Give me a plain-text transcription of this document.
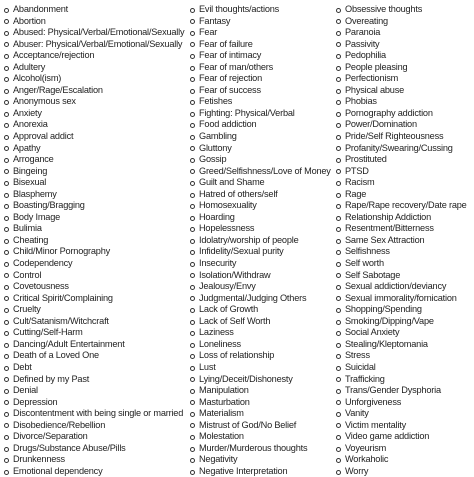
Abandonment
Abortion
Abused: Physical/Verbal/Emotional/Sexually
Abuser: Physical/Verbal/Emotional/Sexually
Acceptance/rejection
Adultery
Alcohol(ism)
Anger/Rage/Escalation
Anonymous sex
Anxiety
Anorexia
Approval addict
Apathy
Arrogance
Bingeing
Bisexual
Blasphemy
Boasting/Bragging
Body Image
Bulimia
Cheating
Child/Minor Pornography
Codependency
Control
Covetousness
Critical Spirit/Complaining
Cruelty
Cult/Satanism/Witchcraft
Cutting/Self-Harm
Dancing/Adult Entertainment
Death of a Loved One
Debt
Defined by my Past
Denial
Depression
Discontentment with being single or married
Disobedience/Rebellion
Divorce/Separation
Drugs/Substance Abuse/Pills
Drunkenness
Emotional dependency
Evil thoughts/actions
Fantasy
Fear
Fear of failure
Fear of intimacy
Fear of man/others
Fear of rejection
Fear of success
Fetishes
Fighting: Physical/Verbal
Food addiction
Gambling
Gluttony
Gossip
Greed/Selfishness/Love of Money
Guilt and Shame
Hatred of others/self
Homosexuality
Hoarding
Hopelessness
Idolatry/worship of people
Infidelity/Sexual purity
Insecurity
Isolation/Withdraw
Jealousy/Envy
Judgmental/Judging Others
Lack of Growth
Lack of Self Worth
Laziness
Loneliness
Loss of relationship
Lust
Lying/Deceit/Dishonesty
Manipulation
Masturbation
Materialism
Mistrust of God/No Belief
Molestation
Murder/Murderous thoughts
Negativity
Negative Interpretation
Obsessive thoughts
Overeating
Paranoia
Passivity
Pedophilia
People pleasing
Perfectionism
Physical abuse
Phobias
Pornography addiction
Power/Domination
Pride/Self Righteousness
Profanity/Swearing/Cussing
Prostituted
PTSD
Racism
Rage
Rape/Rape recovery/Date rape
Relationship Addiction
Resentment/Bitterness
Same Sex Attraction
Selfishness
Self worth
Self Sabotage
Sexual addiction/deviancy
Sexual immorality/fornication
Shopping/Spending
Smoking/Dipping/Vape
Social Anxiety
Stealing/Kleptomania
Stress
Suicidal
Trafficking
Trans/Gender Dysphoria
Unforgiveness
Vanity
Victim mentality
Video game addiction
Voyeurism
Workaholic
Worry
